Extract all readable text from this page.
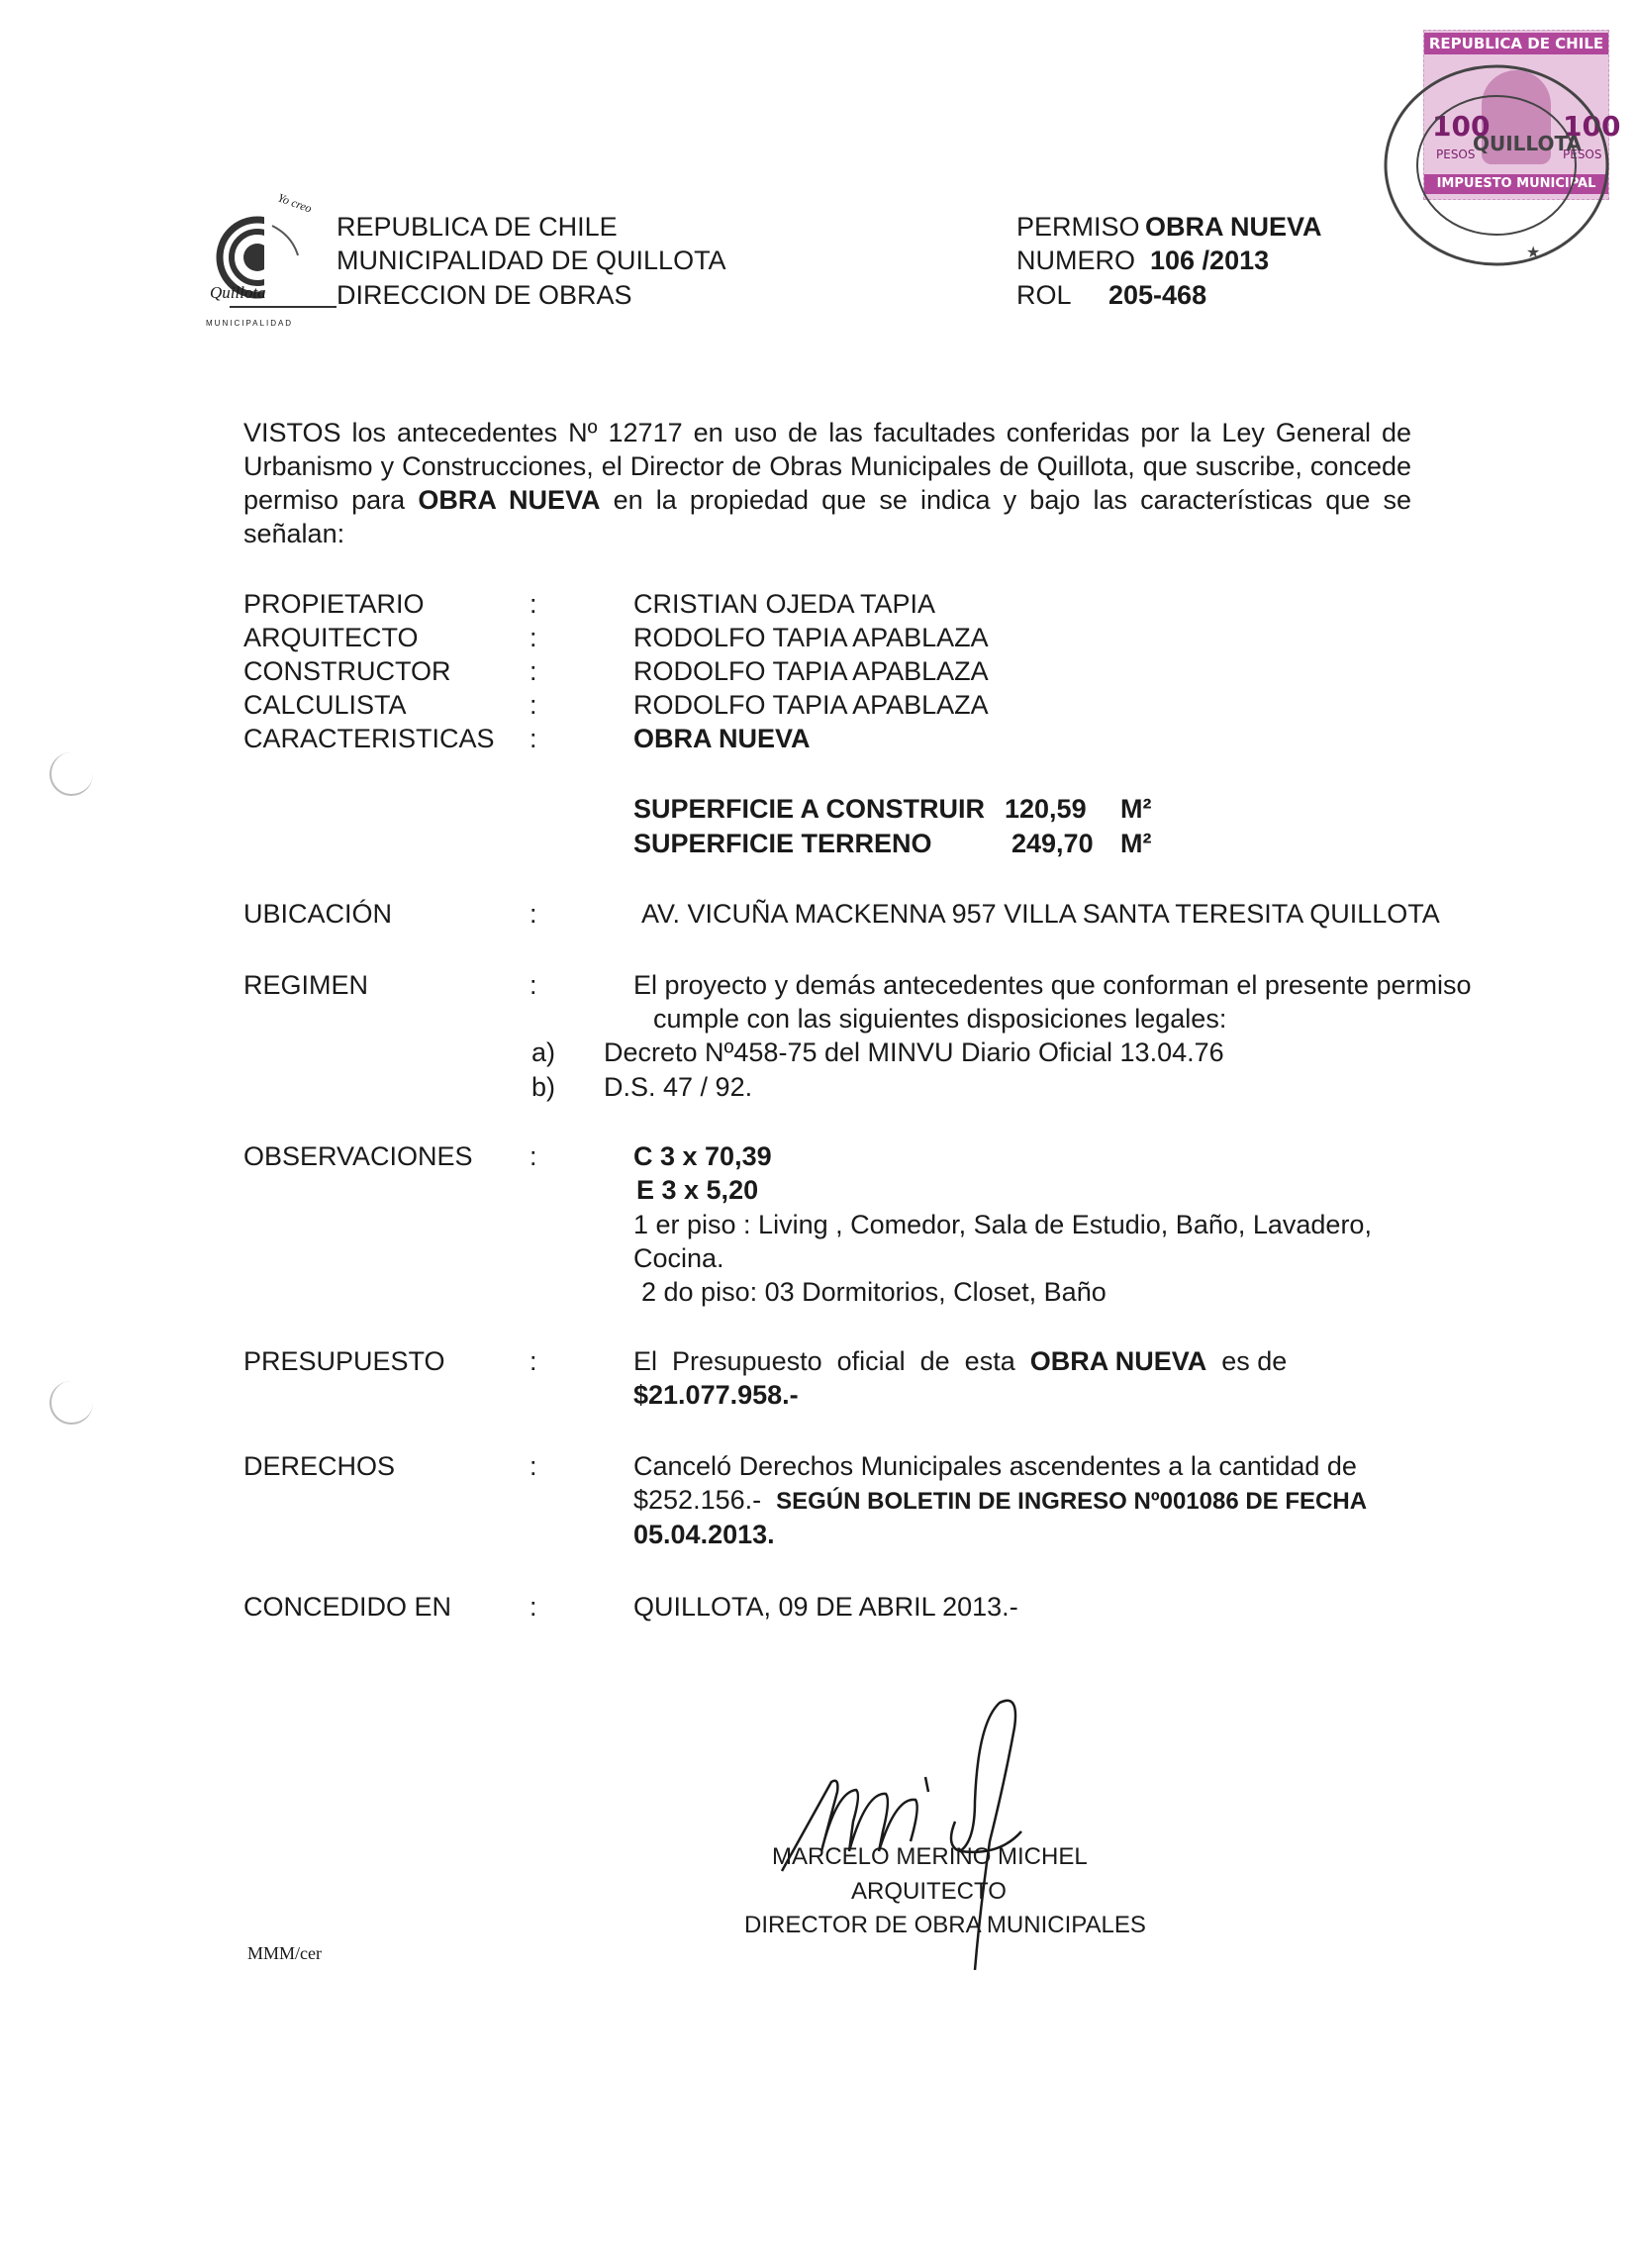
Yo creo
Quillota
MUNICIPALIDAD
REPUBLICA DE CHILE
MUNICIPALIDAD DE QUILLOTA
DIRECCION DE OBRAS
PERMISO OBRA NUEVA
NUMERO 106 /2013
ROL 205-468
REPUBLICA DE CHILE
100	100
PESOS	PESOS
IMPUESTO MUNICIPAL
★
QUILLOTA
VISTOS los antecedentes Nº 12717 en uso de las facultades conferidas por la Ley General de Urbanismo y Construcciones, el Director de Obras Municipales de Quillota, que suscribe, concede permiso para OBRA NUEVA en la propiedad que se indica y bajo las características que se señalan:
PROPIETARIO	:	CRISTIAN OJEDA TAPIA
ARQUITECTO	:	RODOLFO TAPIA APABLAZA
CONSTRUCTOR	:	RODOLFO TAPIA APABLAZA
CALCULISTA	:	RODOLFO TAPIA APABLAZA
CARACTERISTICAS :	OBRA NUEVA
SUPERFICIE A CONSTRUIR 120,59 M²
SUPERFICIE TERRENO	249,70 M²
UBICACIÓN	:	AV. VICUÑA MACKENNA 957 VILLA SANTA TERESITA QUILLOTA
REGIMEN	:	El proyecto y demás antecedentes que conforman el presente permiso
cumple con las siguientes disposiciones legales:
a) Decreto Nº458-75 del MINVU Diario Oficial 13.04.76
b) D.S. 47 / 92.
OBSERVACIONES :	C 3 x 70,39
E 3 x 5,20
1 er piso : Living , Comedor, Sala de Estudio, Baño, Lavadero,
Cocina.
2 do piso: 03 Dormitorios, Closet, Baño
PRESUPUESTO	:	El  Presupuesto  oficial  de  esta  OBRA NUEVA  es de
$21.077.958.-
DERECHOS	:	Canceló Derechos Municipales ascendentes a la cantidad de
$252.156.-  SEGÚN BOLETIN DE INGRESO Nº001086 DE FECHA
05.04.2013.
CONCEDIDO EN	:	QUILLOTA, 09 DE ABRIL 2013.-
MARCELO MERINO MICHEL
ARQUITECTO
DIRECTOR DE OBRA MUNICIPALES
MMM/cer
